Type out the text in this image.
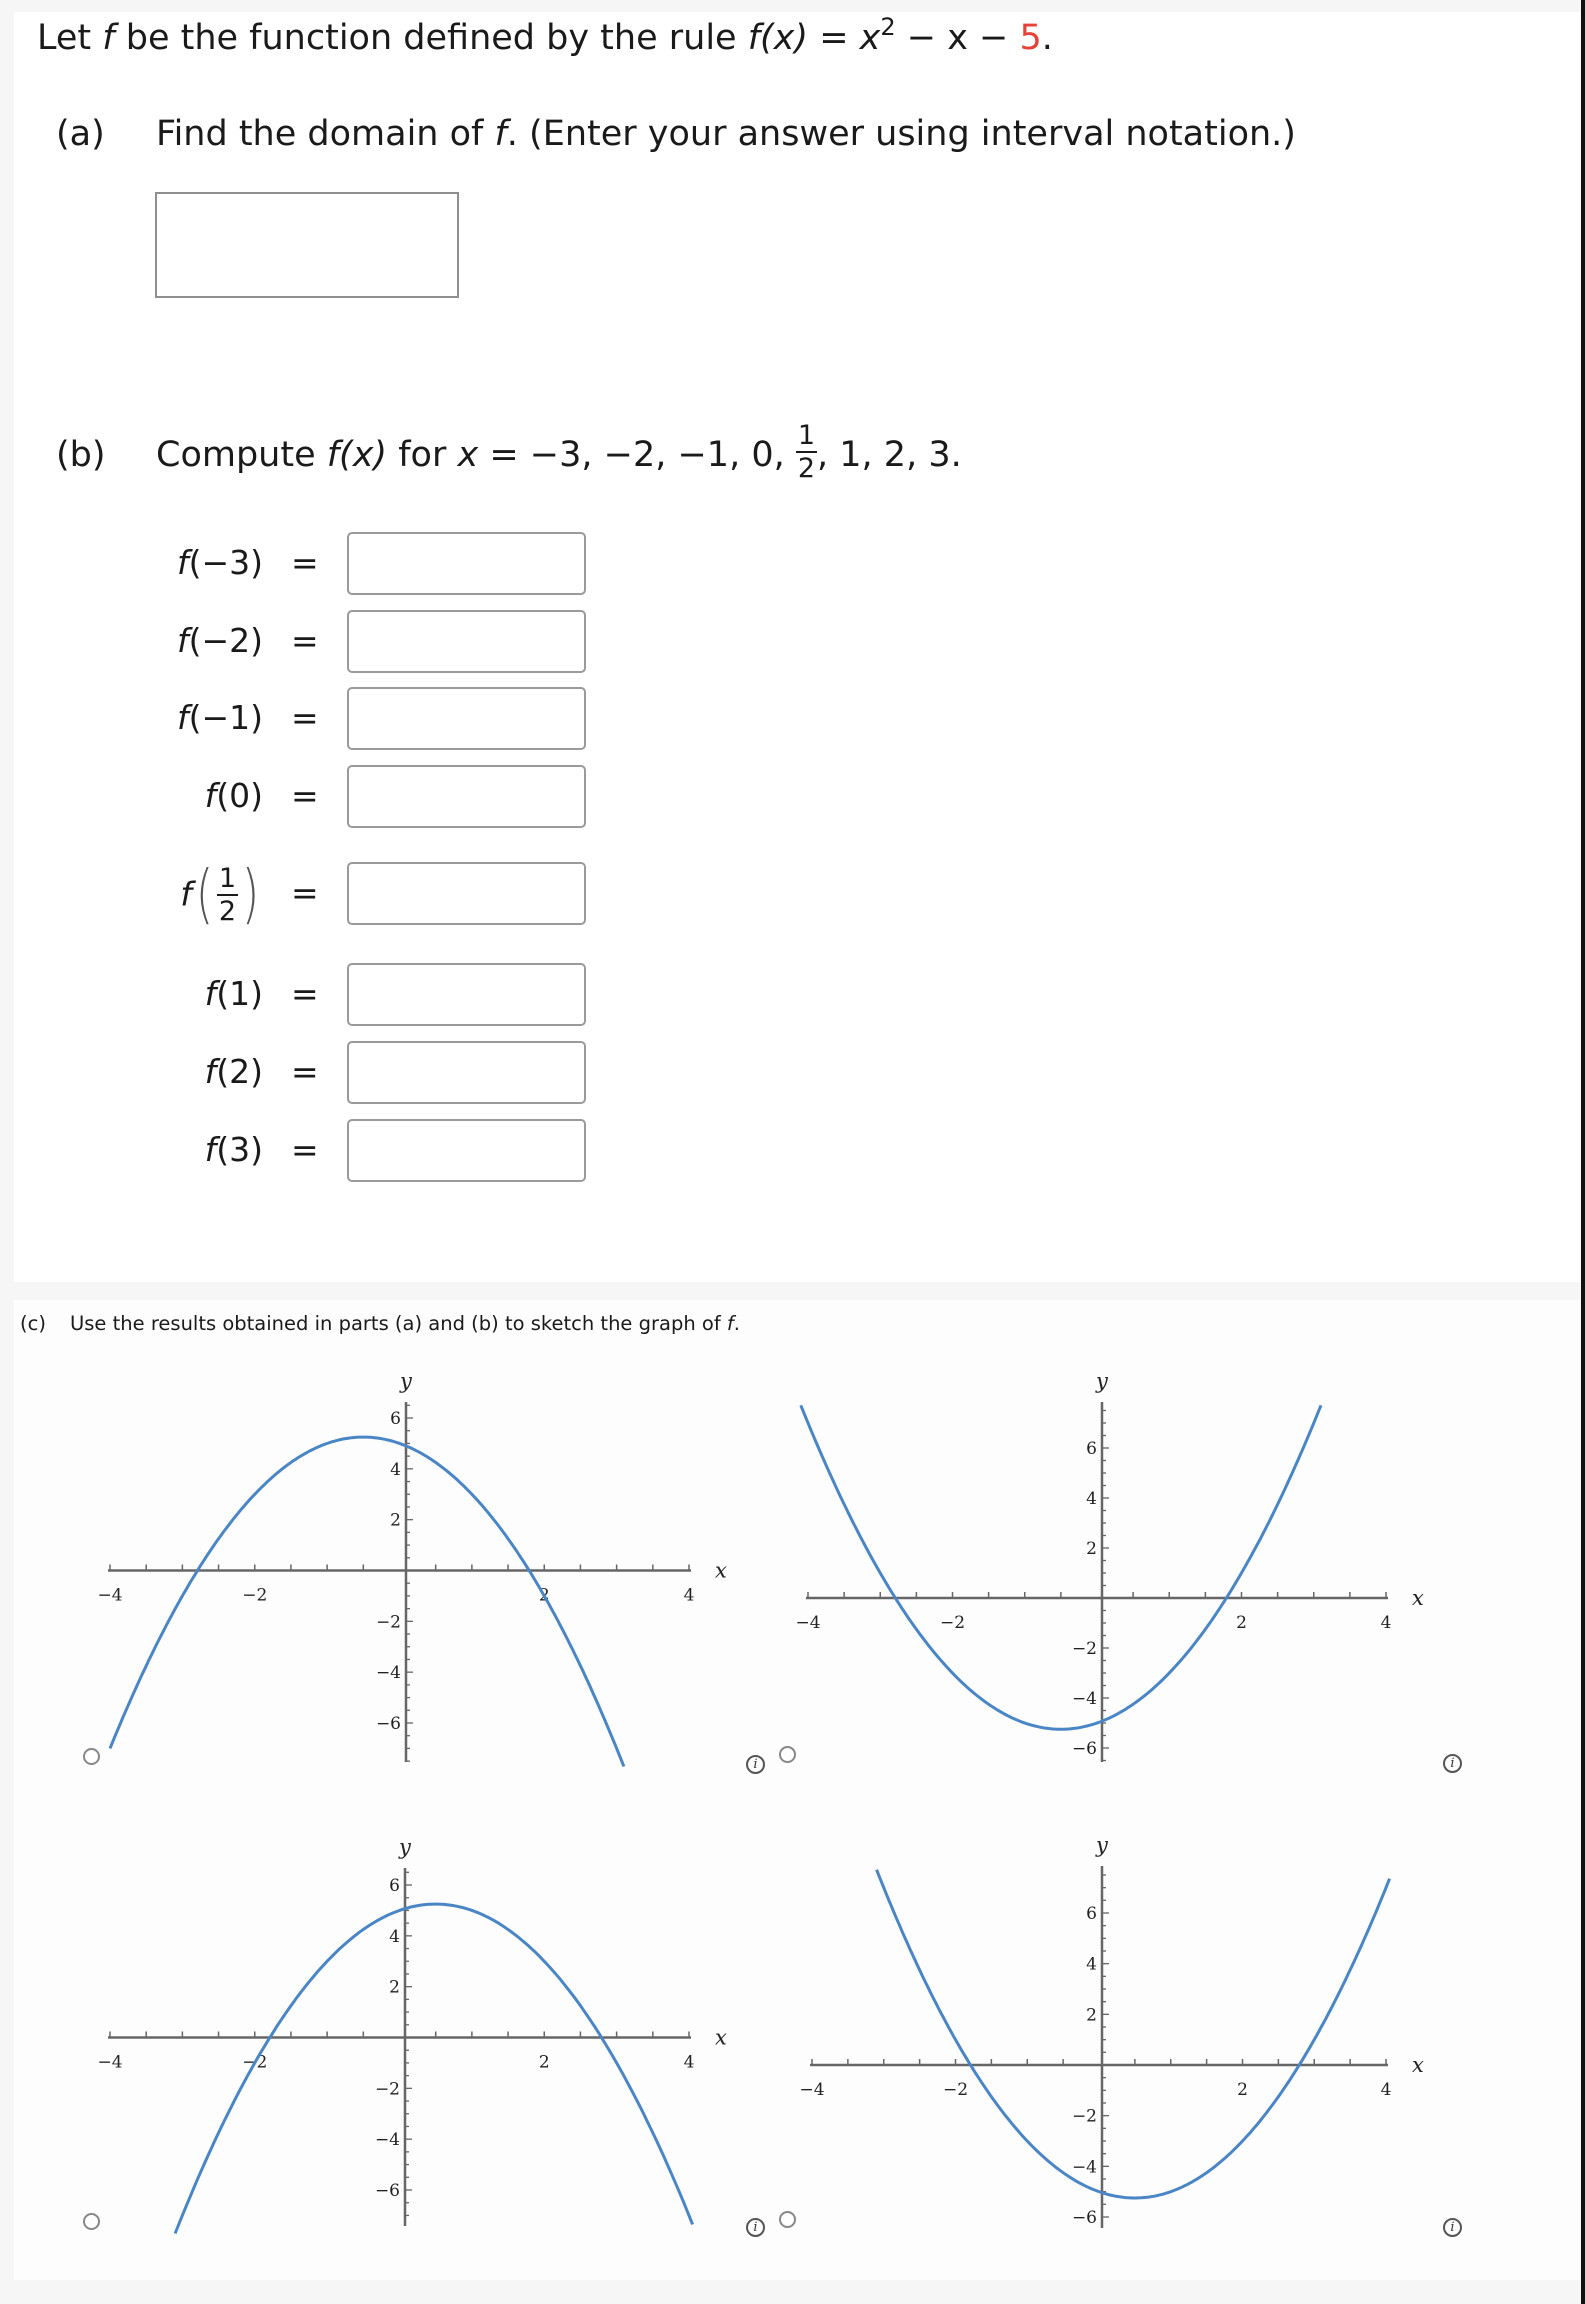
Let f be the function defined by the rule $f(x) = x^2 - x - 5$.
(a) Find the domain of f. (Enter your answer using interval notation.)
(b) Compute f(x) for x = −3, −2, −1, 0, $\frac{1}{2}$ , 1, 2, 3.
f(−3) =
f(−2) =
f(−1) =
f(0) =
$f( \frac{1}{2}$ ) =
f(1) =
f(2) =
f(3) =
(c) Use the results obtained in parts (a) and (b) to sketch the graph of f.
−4	−2	2	4
6
4
2
−2
−4
−6
x
y
−4	−2	2	4
6
4
2
−2
−4
−6
x
y
−4	−2	2	4
6
4
2
−2
−4
−6
x
y
−4	−2	2	4
6
4
2
−2
−4
−6
x
y
i	i
i	i
